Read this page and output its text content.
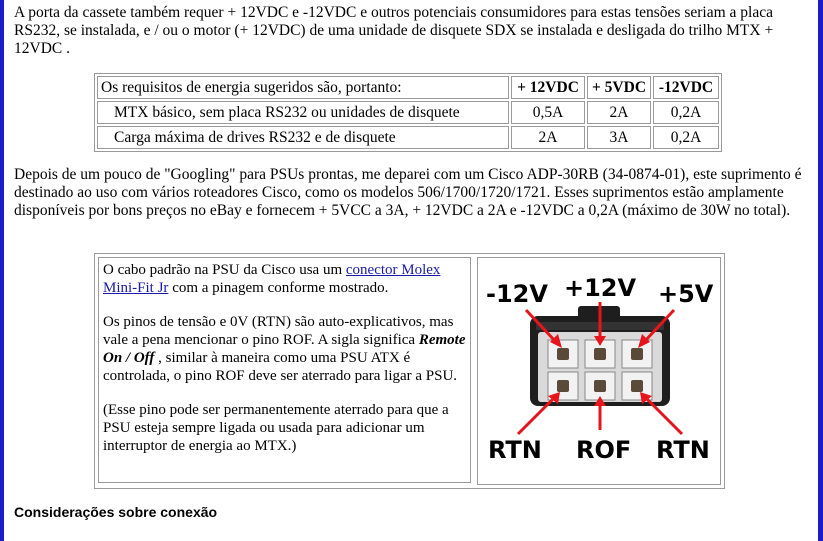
A porta da cassete também requer + 12VDC e -12VDC e outros potenciais consumidores para estas tensões seriam a placa RS232, se instalada, e / ou o motor (+ 12VDC) de uma unidade de disquete SDX se instalada e desligada do trilho MTX + 12VDC .
Os requisitos de energia sugeridos são, portanto:	+ 12VDC	+ 5VDC	-12VDC
MTX básico, sem placa RS232 ou unidades de disquete	0,5A	2A	0,2A
Carga máxima de drives RS232 e de disquete	2A	3A	0,2A
Depois de um pouco de "Googling" para PSUs prontas, me deparei com um Cisco ADP-30RB (34-0874-01), este suprimento é destinado ao uso com vários roteadores Cisco, como os modelos 506/1700/1720/1721. Esses suprimentos estão amplamente disponíveis por bons preços no eBay e fornecem + 5VCC a 3A, + 12VDC a 2A e -12VDC a 0,2A (máximo de 30W no total).
O cabo padrão na PSU da Cisco usa um conector Molex Mini-Fit Jr com a pinagem conforme mostrado.
Os pinos de tensão e 0V (RTN) são auto-explicativos, mas vale a pena mencionar o pino ROF. A sigla significa Remote On / Off , similar à maneira como uma PSU ATX é controlada, o pino ROF deve ser aterrado para ligar a PSU.
(Esse pino pode ser permanentemente aterrado para que a PSU esteja sempre ligada ou usada para adicionar um interruptor de energia ao MTX.)
-12V +12V +5V
RTN ROF RTN
Considerações sobre conexão
